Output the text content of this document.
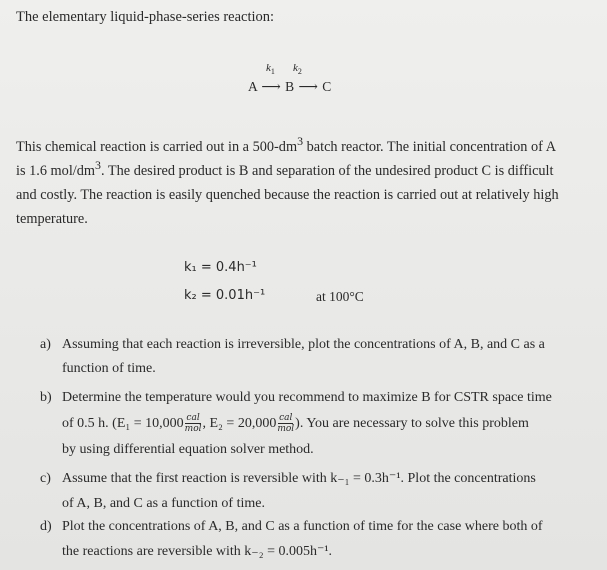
The elementary liquid-phase-series reaction:
$k_1$ $k_2$
A ⟶ B ⟶ C

This chemical reaction is carried out in a $500-dm^3$ batch reactor. The initial concentration of A

is 1.6 mol/$dm^3$. The desired product is B and separation of the undesired product C is difficult

and costly. The reaction is easily quenched because the reaction is carried out at relatively high

temperature.

k₁ = 0.4h⁻¹
k₂ = 0.01h⁻¹	at 100°C
a) Assuming that each reaction is irreversible, plot the concentrations of A, B, and C as a
function of time.
b) Determine the temperature would you recommend to maximize B for CSTR space time
of 0.5 h. ($E_1 = 10,000 \frac{\text{cal}}{\text{mol}}$ , $E_2 = 20,000 \frac{\text{cal}}{\text{mol}}$ ). You are necessary to solve this problem
by using differential equation solver method.
c) Assume that the first reaction is reversible with k₋₁ = 0.3h⁻¹. Plot the concentrations
of A, B, and C as a function of time.
d) Plot the concentrations of A, B, and C as a function of time for the case where both of
the reactions are reversible with k₋₂ = 0.005h⁻¹.
